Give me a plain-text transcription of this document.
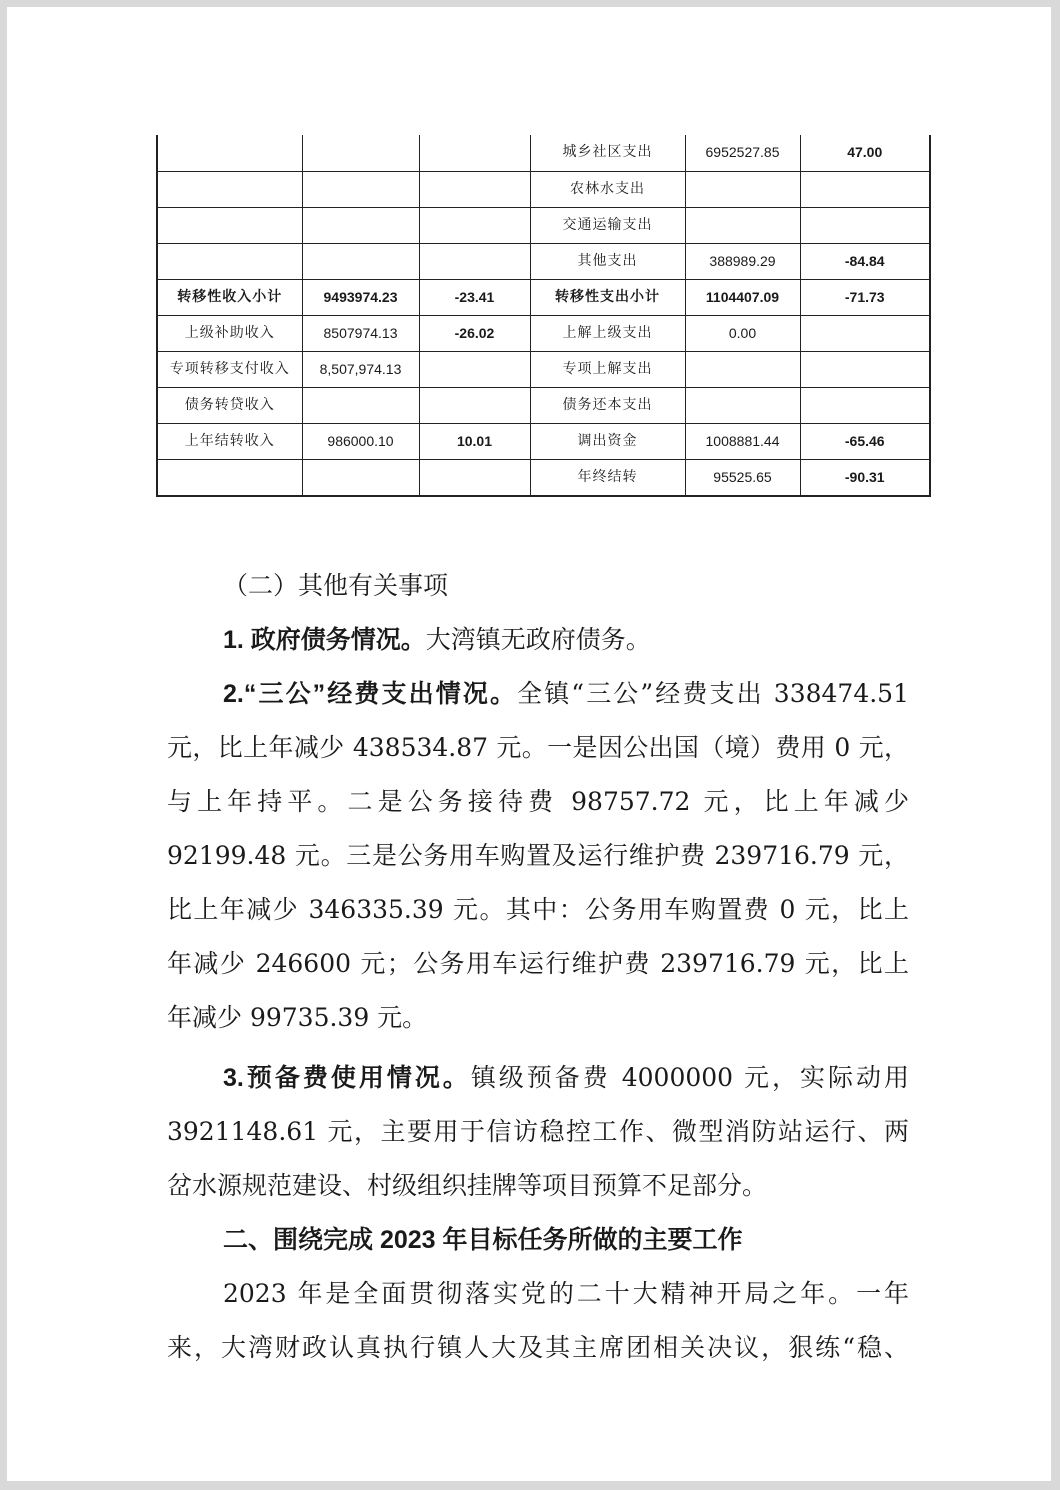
			城乡社区支出	6952527.85	47.00
			农林水支出		
			交通运输支出		
			其他支出	388989.29	-84.84
转移性收入小计	9493974.23	-23.41	转移性支出小计	1104407.09	-71.73
上级补助收入	8507974.13	-26.02	上解上级支出	0.00	
专项转移支付收入	8,507,974.13		专项上解支出		
债务转贷收入			债务还本支出		
上年结转收入	986000.10	10.01	调出资金	1008881.44	-65.46
			年终结转	95525.65	-90.31
（二）其他有关事项
1. 政府债务情况。大湾镇无政府债务。
2.“三公”经费支出情况。全镇“三公”经费支出 338474.51
元，比上年减少 438534.87 元。一是因公出国（境）费用 0 元，
与上年持平。二是公务接待费 98757.72 元，比上年减少
92199.48 元。三是公务用车购置及运行维护费 239716.79 元，
比上年减少 346335.39 元。其中：公务用车购置费 0 元，比上
年减少 246600 元；公务用车运行维护费 239716.79 元，比上
年减少 99735.39 元。
3.预备费使用情况。镇级预备费 4000000 元，实际动用
3921148.61 元，主要用于信访稳控工作、微型消防站运行、两
岔水源规范建设、村级组织挂牌等项目预算不足部分。
二、围绕完成 2023 年目标任务所做的主要工作
2023 年是全面贯彻落实党的二十大精神开局之年。一年
来，大湾财政认真执行镇人大及其主席团相关决议，狠练“稳、
